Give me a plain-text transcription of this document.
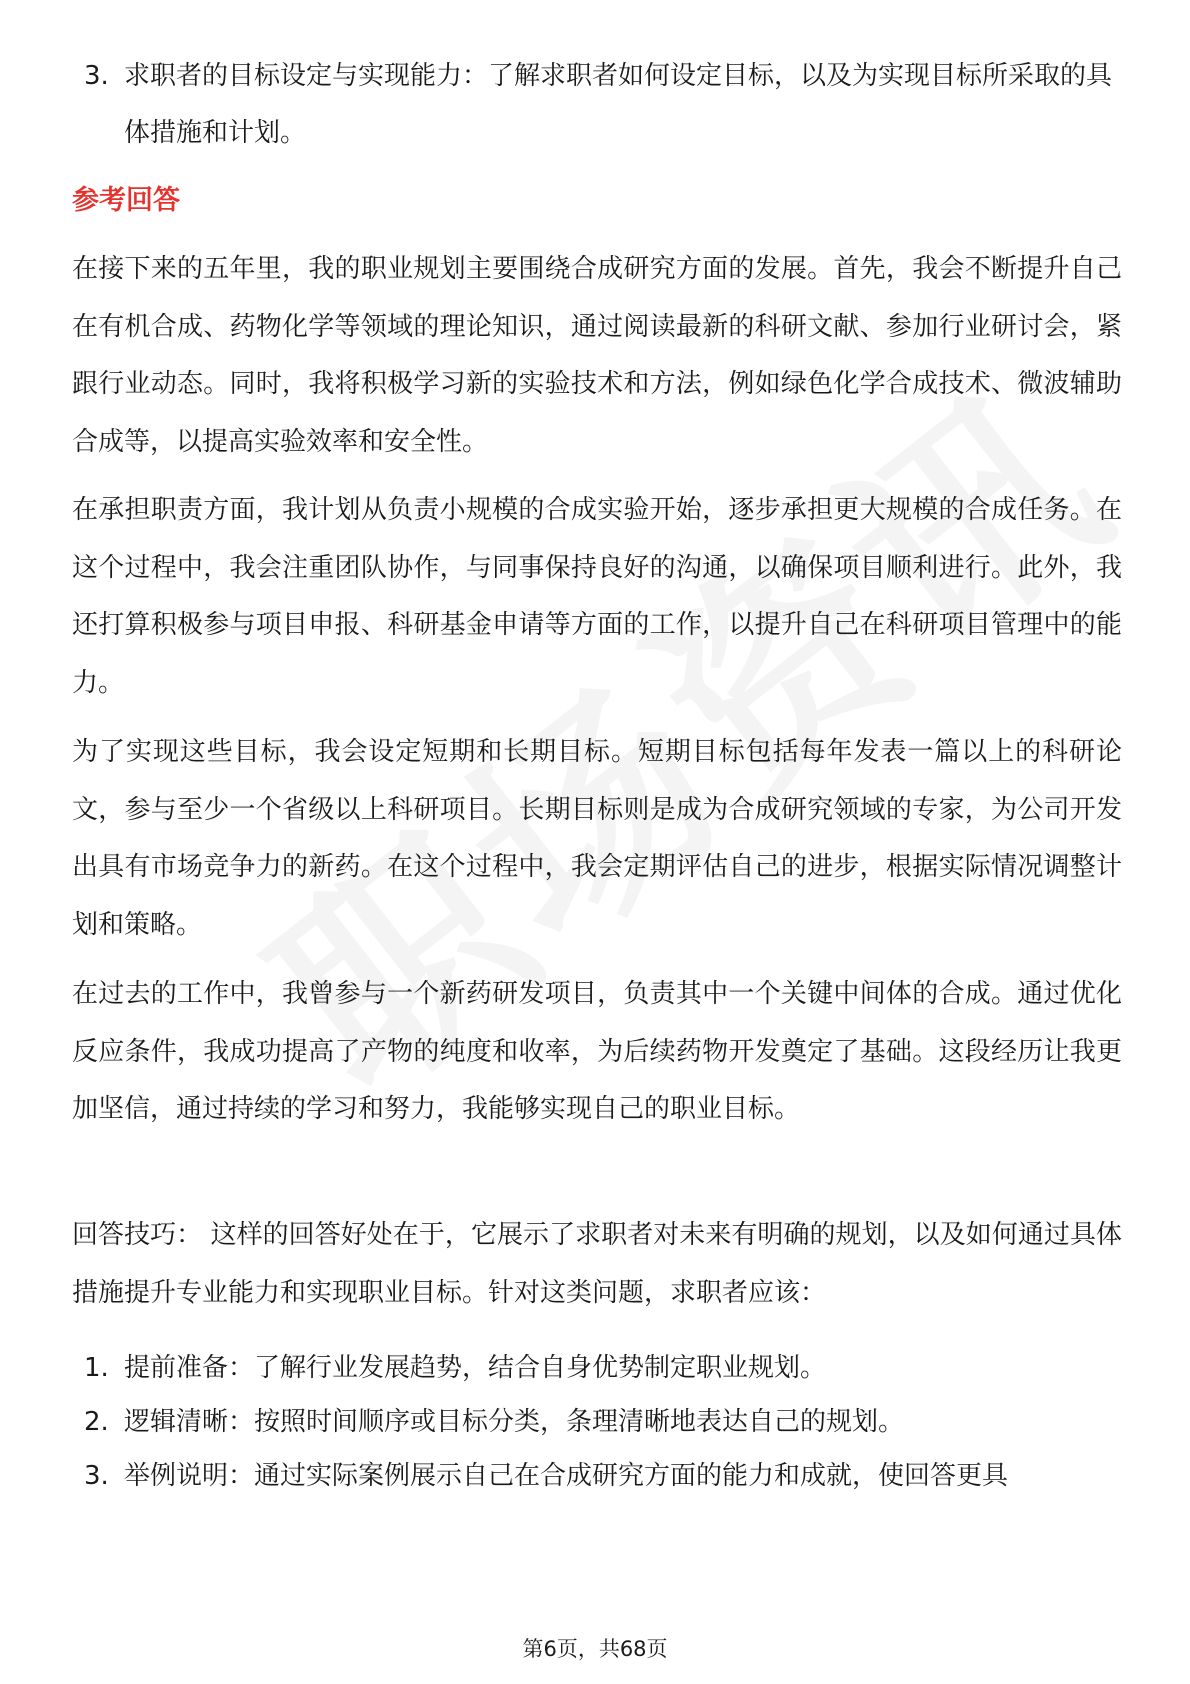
3. 求职者的目标设定与实现能力：了解求职者如何设定目标，以及为实现目标所采取的具体措施和计划。
参考回答
在接下来的五年里，我的职业规划主要围绕合成研究方面的发展。首先，我会不断提升自己在有机合成、药物化学等领域的理论知识，通过阅读最新的科研文献、参加行业研讨会，紧跟行业动态。同时，我将积极学习新的实验技术和方法，例如绿色化学合成技术、微波辅助合成等，以提高实验效率和安全性。
在承担职责方面，我计划从负责小规模的合成实验开始，逐步承担更大规模的合成任务。在这个过程中，我会注重团队协作，与同事保持良好的沟通，以确保项目顺利进行。此外，我还打算积极参与项目申报、科研基金申请等方面的工作，以提升自己在科研项目管理中的能力。
为了实现这些目标，我会设定短期和长期目标。短期目标包括每年发表一篇以上的科研论文，参与至少一个省级以上科研项目。长期目标则是成为合成研究领域的专家，为公司开发出具有市场竞争力的新药。在这个过程中，我会定期评估自己的进步，根据实际情况调整计划和策略。
在过去的工作中，我曾参与一个新药研发项目，负责其中一个关键中间体的合成。通过优化反应条件，我成功提高了产物的纯度和收率，为后续药物开发奠定了基础。这段经历让我更加坚信，通过持续的学习和努力，我能够实现自己的职业目标。
回答技巧： 这样的回答好处在于，它展示了求职者对未来有明确的规划，以及如何通过具体措施提升专业能力和实现职业目标。针对这类问题，求职者应该：
1. 提前准备：了解行业发展趋势，结合自身优势制定职业规划。
2. 逻辑清晰：按照时间顺序或目标分类，条理清晰地表达自己的规划。
3. 举例说明：通过实际案例展示自己在合成研究方面的能力和成就，使回答更具
第6页，共68页
